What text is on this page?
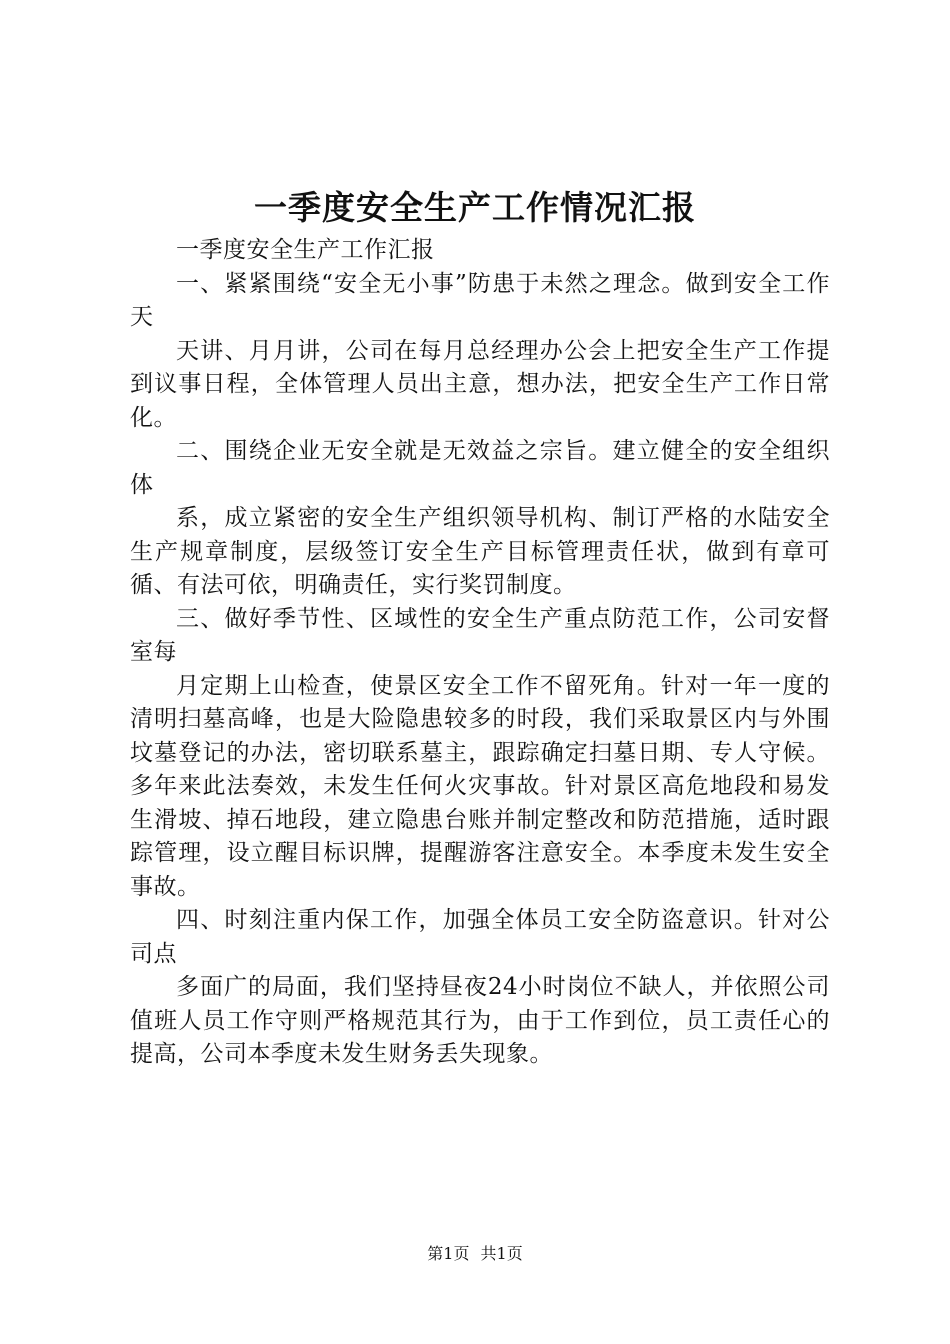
一季度安全生产工作情况汇报

一季度安全生产工作汇报

一、紧紧围绕“安全无小事”防患于未然之理念。做到安全工作天

天讲、月月讲，公司在每月总经理办公会上把安全生产工作提到议事日程，全体管理人员出主意，想办法，把安全生产工作日常化。

二、围绕企业无安全就是无效益之宗旨。建立健全的安全组织体

系，成立紧密的安全生产组织领导机构、制订严格的水陆安全生产规章制度，层级签订安全生产目标管理责任状，做到有章可循、有法可依，明确责任，实行奖罚制度。

三、做好季节性、区域性的安全生产重点防范工作，公司安督室每

月定期上山检查，使景区安全工作不留死角。针对一年一度的清明扫墓高峰，也是大险隐患较多的时段，我们采取景区内与外围坟墓登记的办法，密切联系墓主，跟踪确定扫墓日期、专人守候。多年来此法奏效，未发生任何火灾事故。针对景区高危地段和易发生滑坡、掉石地段，建立隐患台账并制定整改和防范措施，适时跟踪管理，设立醒目标识牌，提醒游客注意安全。本季度未发生安全事故。

四、时刻注重内保工作，加强全体员工安全防盗意识。针对公司点

多面广的局面，我们坚持昼夜24小时岗位不缺人，并依照公司值班人员工作守则严格规范其行为，由于工作到位，员工责任心的提高，公司本季度未发生财务丢失现象。

第1页 共1页
